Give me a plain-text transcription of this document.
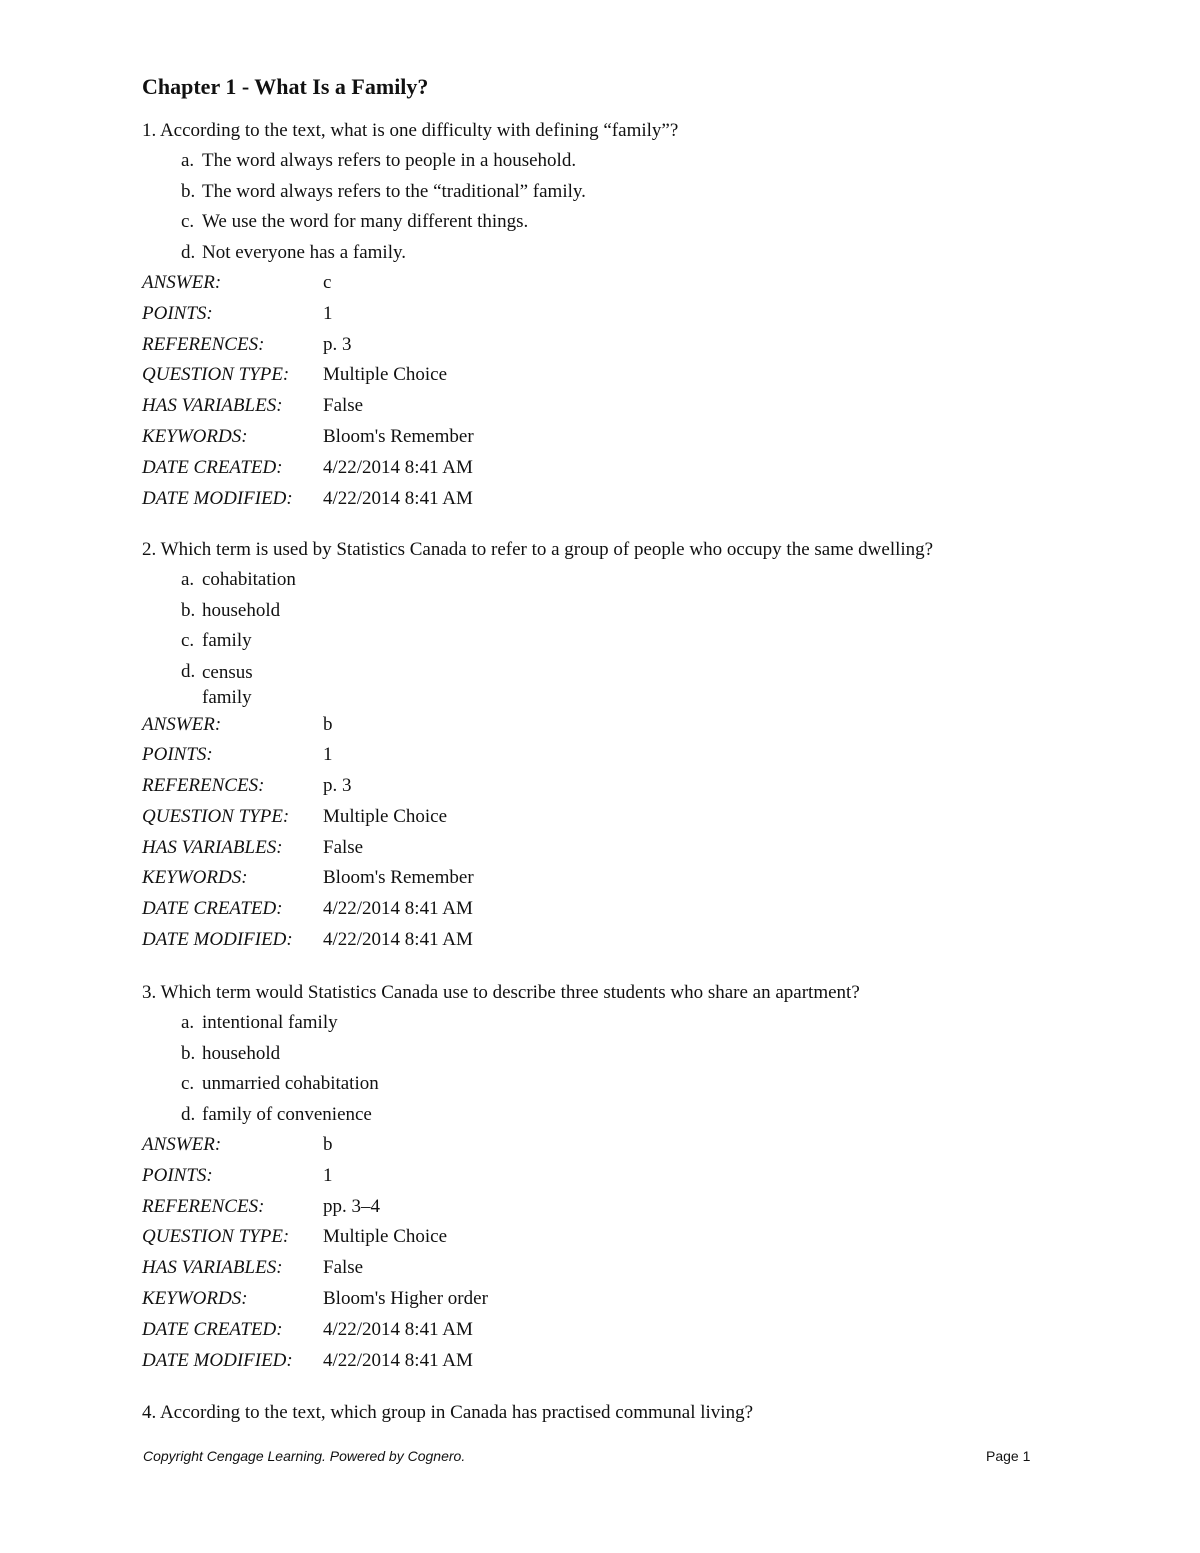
Chapter 1 - What Is a Family?
1. According to the text, what is one difficulty with defining “family”?
a. The word always refers to people in a household.
b. The word always refers to the “traditional” family.
c. We use the word for many different things.
d. Not everyone has a family.
ANSWER:	c
POINTS:	1
REFERENCES:	p. 3
QUESTION TYPE:	Multiple Choice
HAS VARIABLES:	False
KEYWORDS:	Bloom's Remember
DATE CREATED:	4/22/2014 8:41 AM
DATE MODIFIED:	4/22/2014 8:41 AM
2. Which term is used by Statistics Canada to refer to a group of people who occupy the same dwelling?
a. cohabitation
b. household
c. family
d. census family
ANSWER:	b
POINTS:	1
REFERENCES:	p. 3
QUESTION TYPE:	Multiple Choice
HAS VARIABLES:	False
KEYWORDS:	Bloom's Remember
DATE CREATED:	4/22/2014 8:41 AM
DATE MODIFIED:	4/22/2014 8:41 AM
3. Which term would Statistics Canada use to describe three students who share an apartment?
a. intentional family
b. household
c. unmarried cohabitation
d. family of convenience
ANSWER:	b
POINTS:	1
REFERENCES:	pp. 3–4
QUESTION TYPE:	Multiple Choice
HAS VARIABLES:	False
KEYWORDS:	Bloom's Higher order
DATE CREATED:	4/22/2014 8:41 AM
DATE MODIFIED:	4/22/2014 8:41 AM
4. According to the text, which group in Canada has practised communal living?
Copyright Cengage Learning. Powered by Cognero.	Page 1
